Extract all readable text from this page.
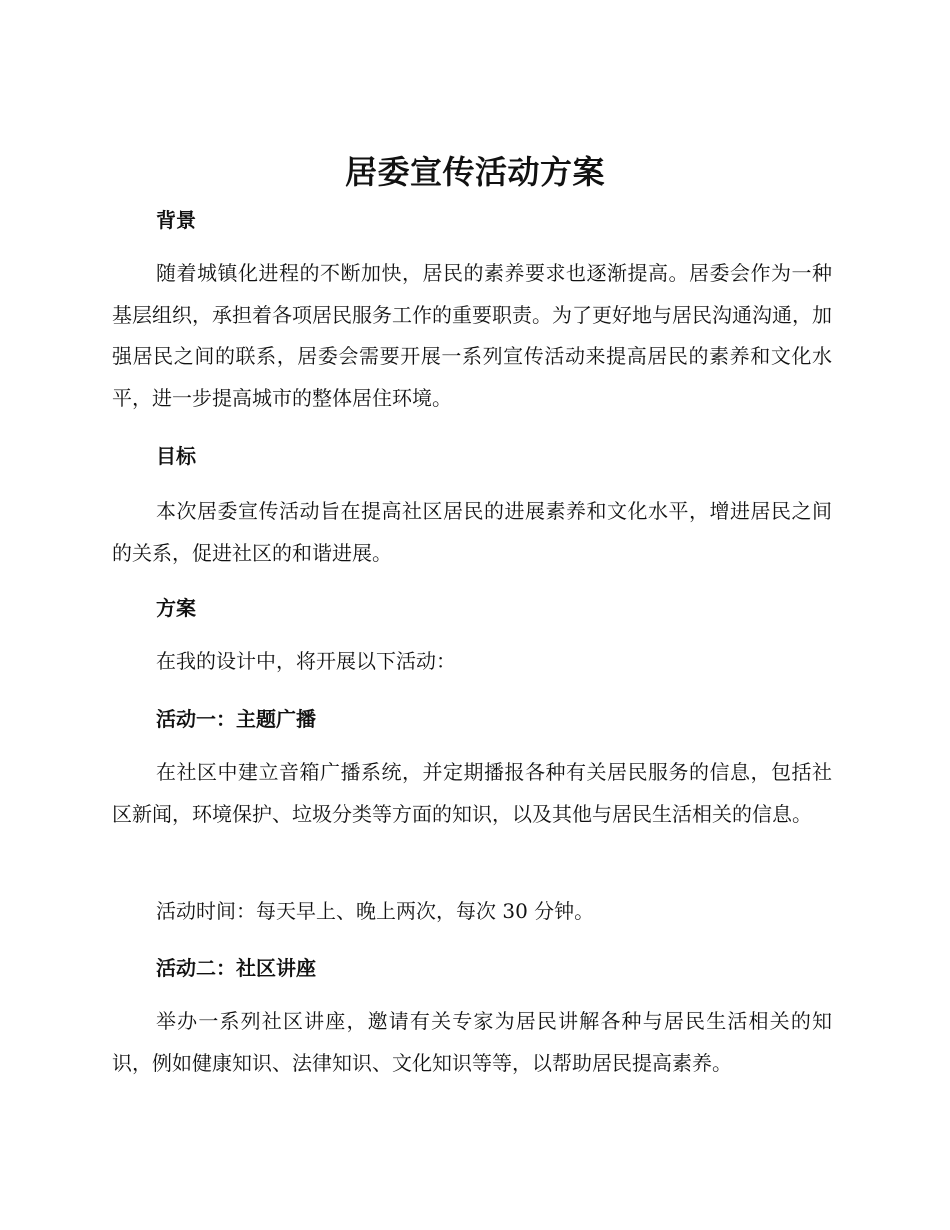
居委宣传活动方案
背景

随着城镇化进程的不断加快，居民的素养要求也逐渐提高。居委会作为一种基层组织，承担着各项居民服务工作的重要职责。为了更好地与居民沟通沟通，加强居民之间的联系，居委会需要开展一系列宣传活动来提高居民的素养和文化水平，进一步提高城市的整体居住环境。

目标

本次居委宣传活动旨在提高社区居民的进展素养和文化水平，增进居民之间的关系，促进社区的和谐进展。

方案

在我的设计中，将开展以下活动：

活动一：主题广播

在社区中建立音箱广播系统，并定期播报各种有关居民服务的信息，包括社区新闻，环境保护、垃圾分类等方面的知识，以及其他与居民生活相关的信息。

活动时间：每天早上、晚上两次，每次 30 分钟。

活动二：社区讲座

举办一系列社区讲座，邀请有关专家为居民讲解各种与居民生活相关的知识，例如健康知识、法律知识、文化知识等等，以帮助居民提高素养。
